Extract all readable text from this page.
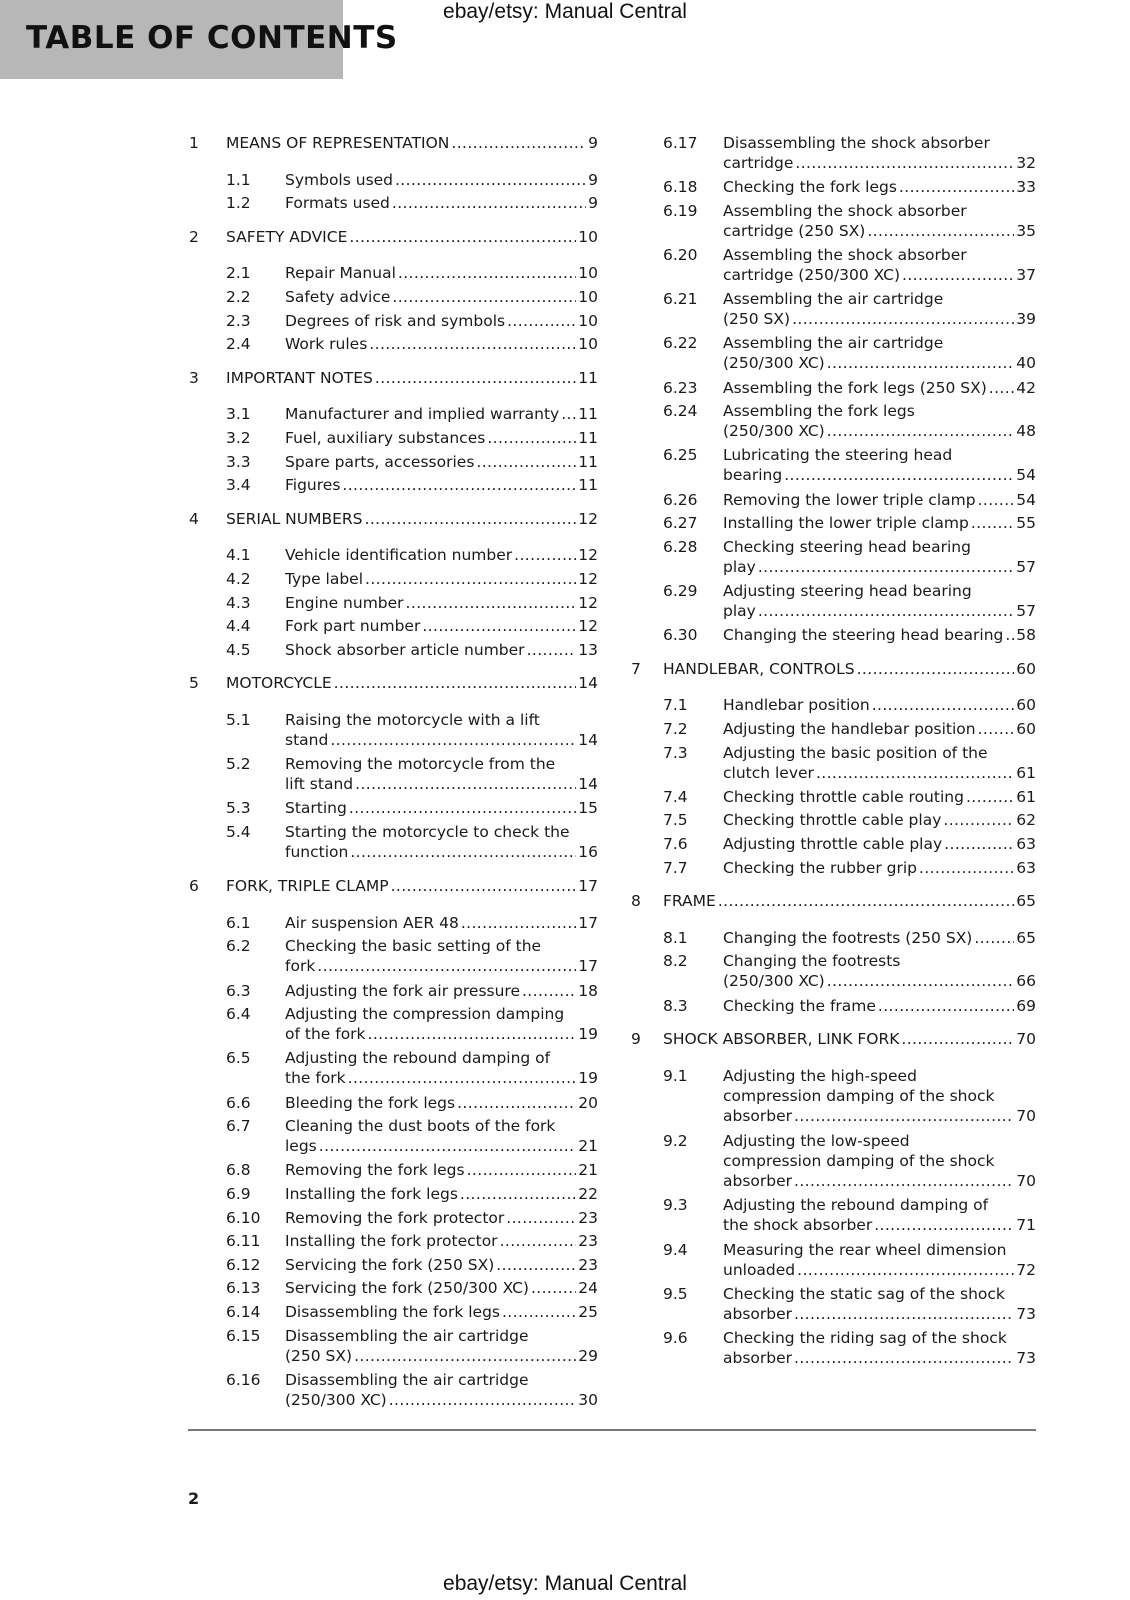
TABLE OF CONTENTS
ebay/etsy: Manual Central
1 MEANS OF REPRESENTATION .....	9
1.1 Symbols used .....	9
1.2 Formats used .....	9
2 SAFETY ADVICE .....	10
2.1 Repair Manual .....	10
2.2 Safety advice .....	10
2.3 Degrees of risk and symbols .....	10
2.4 Work rules .....	10
3 IMPORTANT NOTES .....	11
3.1 Manufacturer and implied warranty ..... 11
3.2 Fuel, auxiliary substances .....	11
3.3 Spare parts, accessories .....	11
3.4 Figures .....	11
4 SERIAL NUMBERS .....	12
4.1 Vehicle identification number .....	12
4.2 Type label .....	12
4.3 Engine number .....	12
4.4 Fork part number .....	12
4.5 Shock absorber article number .....	13
5 MOTORCYCLE .....	14
5.1 Raising the motorcycle with a lift
stand .....	14
5.2 Removing the motorcycle from the
lift stand .....	14
5.3 Starting .....	15
5.4 Starting the motorcycle to check the
function .....	16
6 FORK, TRIPLE CLAMP .....	17
6.1 Air suspension AER 48 .....	17
6.2 Checking the basic setting of the
fork .....	17
6.3 Adjusting the fork air pressure .....	18
6.4 Adjusting the compression damping
of the fork .....	19
6.5 Adjusting the rebound damping of
the fork .....	19
6.6 Bleeding the fork legs .....	20
6.7 Cleaning the dust boots of the fork
legs .....	21
6.8 Removing the fork legs .....	21
6.9 Installing the fork legs .....	22
6.10 Removing the fork protector .....	23
6.11 Installing the fork protector .....	23
6.12 Servicing the fork (250 SX) .....	23
6.13 Servicing the fork (250/300 XC) .....	24
6.14 Disassembling the fork legs .....	25
6.15 Disassembling the air cartridge
(250 SX) .....	29
6.16 Disassembling the air cartridge
(250/300 XC) .....	30
6.17 Disassembling the shock absorber
cartridge .....	32
6.18 Checking the fork legs .....	33
6.19 Assembling the shock absorber
cartridge (250 SX) .....	35
6.20 Assembling the shock absorber
cartridge (250/300 XC) .....	37
6.21 Assembling the air cartridge
(250 SX) .....	39
6.22 Assembling the air cartridge
(250/300 XC) .....	40
6.23 Assembling the fork legs (250 SX) ..... 42
6.24 Assembling the fork legs
(250/300 XC) .....	48
6.25 Lubricating the steering head
bearing .....	54
6.26 Removing the lower triple clamp .....	54
6.27 Installing the lower triple clamp .....	55
6.28 Checking steering head bearing
play .....	57
6.29 Adjusting steering head bearing
play .....	57
6.30 Changing the steering head bearing ..... 58
7 HANDLEBAR, CONTROLS .....	60
7.1 Handlebar position .....	60
7.2 Adjusting the handlebar position .....	60
7.3 Adjusting the basic position of the
clutch lever .....	61
7.4 Checking throttle cable routing .....	61
7.5 Checking throttle cable play .....	62
7.6 Adjusting throttle cable play .....	63
7.7 Checking the rubber grip .....	63
8 FRAME .....	65
8.1 Changing the footrests (250 SX) .....	65
8.2 Changing the footrests
(250/300 XC) .....	66
8.3 Checking the frame .....	69
9 SHOCK ABSORBER, LINK FORK .....	70
9.1 Adjusting the high-speed
compression damping of the shock
absorber .....	70
9.2 Adjusting the low-speed
compression damping of the shock
absorber .....	70
9.3 Adjusting the rebound damping of
the shock absorber .....	71
9.4 Measuring the rear wheel dimension
unloaded .....	72
9.5 Checking the static sag of the shock
absorber .....	73
9.6 Checking the riding sag of the shock
absorber .....	73
2
ebay/etsy: Manual Central
